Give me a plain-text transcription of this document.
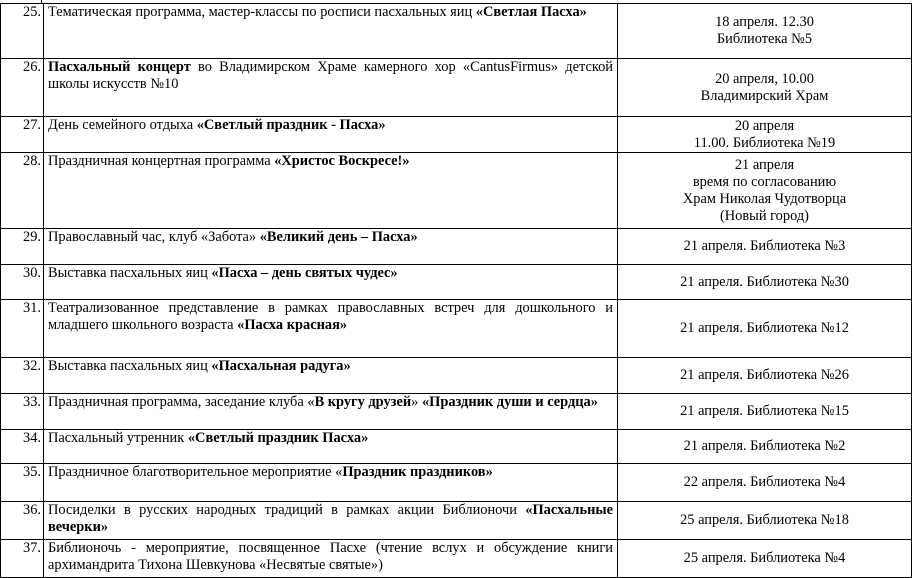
25.	Тематическая программа, мастер-классы по росписи пасхальных яиц «Светлая Пасха»	18 апреля. 12.30
Библиотека №5

26.	Пасхальный концерт во Владимирском Храме камерного хор «CantusFirmus» детской школы искусств №10	20 апреля, 10.00
Владимирский Храм

27.	День семейного отдыха «Светлый праздник - Пасха»	20 апреля
11.00. Библиотека №19

28.	Праздничная концертная программа «Христос Воскресе!»	21 апреля
время по согласованию
Храм Николая Чудотворца
(Новый город)

29.	Православный час, клуб «Забота» «Великий день – Пасха»	21 апреля. Библиотека №3

30.	Выставка пасхальных яиц «Пасха – день святых чудес»	21 апреля. Библиотека №30

31.	Театрализованное представление в рамках православных встреч для дошкольного и младшего школьного возраста «Пасха красная»	21 апреля. Библиотека №12

32.	Выставка пасхальных яиц «Пасхальная радуга»	21 апреля. Библиотека №26

33.	Праздничная программа, заседание клуба «В кругу друзей» «Праздник души и сердца»	21 апреля. Библиотека №15

34.	Пасхальный утренник «Светлый праздник Пасха»	21 апреля. Библиотека №2

35.	Праздничное благотворительное мероприятие «Праздник праздников»	22 апреля. Библиотека №4

36.	Посиделки в русских народных традиций в рамках акции Библионочи «Пасхальные вечерки»	25 апреля. Библиотека №18

37.	Библионочь - мероприятие, посвященное Пасхе (чтение вслух и обсуждение книги архимандрита Тихона Шевкунова «Несвятые святые»)	25 апреля. Библиотека №4
